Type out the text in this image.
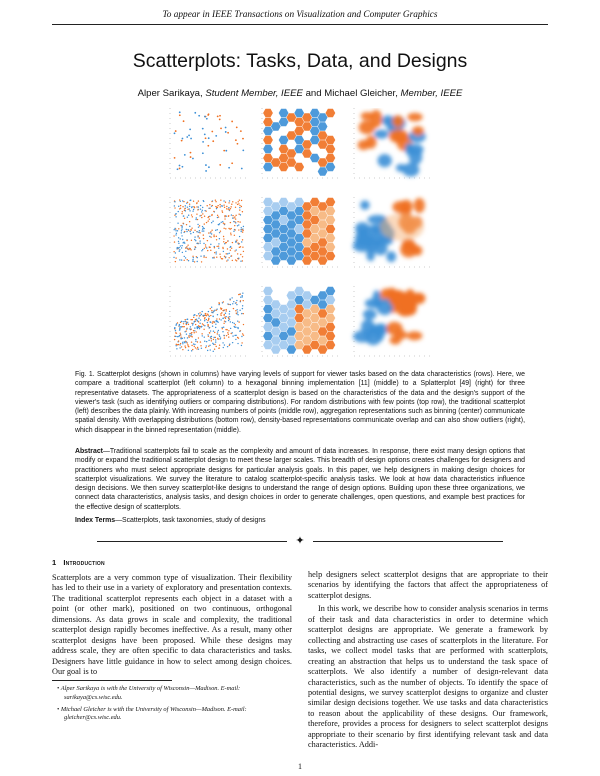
To appear in IEEE Transactions on Visualization and Computer Graphics
Scatterplots: Tasks, Data, and Designs
Alper Sarikaya, Student Member, IEEE and Michael Gleicher, Member, IEEE
Fig. 1. Scatterplot designs (shown in columns) have varying levels of support for viewer tasks based on the data characteristics (rows). Here, we compare a traditional scatterplot (left column) to a hexagonal binning implementation [11] (middle) to a Splatterplot [49] (right) for three representative datasets. The appropriateness of a scatterplot design is based on the characteristics of the data and the design's support of the viewer's task (such as identifying outliers or comparing distributions). For random distributions with few points (top row), the traditional scatterplot (left) describes the data plainly. With increasing numbers of points (middle row), aggregation representations such as binning (center) communicate spatial density. With overlapping distributions (bottom row), density-based representations communicate overlap and can also show outliers (right), which disappear in the binned representation (middle).
Abstract—Traditional scatterplots fail to scale as the complexity and amount of data increases. In response, there exist many design options that modify or expand the traditional scatterplot design to meet these larger scales. This breadth of design options creates challenges for designers and practitioners who must select appropriate designs for particular analysis goals. In this paper, we help designers in making design choices for scatterplot visualizations. We survey the literature to catalog scatterplot-specific analysis tasks. We look at how data characteristics influence design decisions. We then survey scatterplot-like designs to understand the range of design options. Building upon these three organizations, we connect data characteristics, analysis tasks, and design choices in order to generate challenges, open questions, and example best practices for the effective design of scatterplots.
Index Terms—Scatterplots, task taxonomies, study of designs
✦
1 Introduction

Scatterplots are a very common type of visualization. Their flexibility has led to their use in a variety of exploratory and presentation contexts. The traditional scatterplot represents each object in a dataset with a point (or other mark), positioned on two continuous, orthogonal dimensions. As data grows in scale and complexity, the traditional scatterplot design rapidly becomes ineffective. As a result, many other scatterplot designs have been proposed. While these designs may address scale, they are often specific to data characteristics and tasks. Designers have little guidance in how to select among design choices. Our goal is to

• Alper Sarikaya is with the University of Wisconsin—Madison. E-mail: sarikaya@cs.wisc.edu.
• Michael Gleicher is with the University of Wisconsin—Madison. E-mail: gleicher@cs.wisc.edu.

help designers select scatterplot designs that are appropriate to their scenarios by identifying the factors that affect the appropriateness of scatterplot designs.

In this work, we describe how to consider analysis scenarios in terms of their task and data characteristics in order to determine which scatterplot designs are appropriate. We generate a framework by collecting and abstracting use cases of scatterplots in the literature. For tasks, we collect model tasks that are performed with scatterplots, creating an abstraction that helps us to understand the task space of scatterplots. We also identify a number of design-relevant data characteristics, such as the number of objects. To identify the space of potential designs, we survey scatterplot designs to organize and cluster similar design decisions together. We use tasks and data characteristics to reason about the applicability of these designs. Our framework, therefore, provides a process for designers to select scatterplot designs appropriate to their scenario by first identifying relevant task and data characteristics. Addi-

1
